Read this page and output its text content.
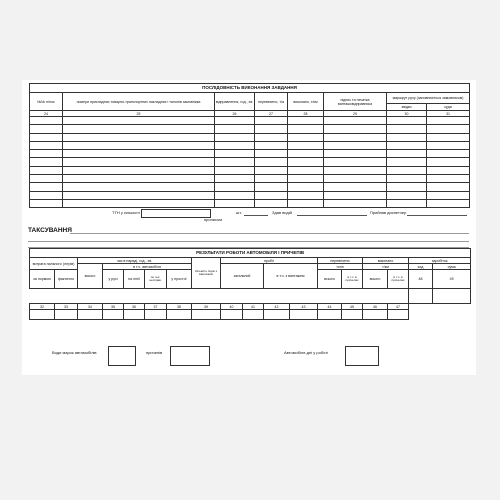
ПОСЛІДОВНІСТЬ ВИКОНАННЯ ЗАВДАННЯ							
№№ п/пок	номери прикладних товарно-транспортних накладних і талонів замовника	відправлення, год., хв.	перевезено, т/а	виконано, т/км	підпис та печатка вантажовідправника	маршрут руху (заповнюється замовником)	
						звідки	куди
24	25	26	27	28	29	30	31

ТТН у кількості
прописом
шт.	Здав водій	Прийняв диспетчер
ТАКСУВАННЯ
РЕЗУЛЬТАТИ РОБОТИ АВТОМОБІЛЯ І ПРИЧЕПІВ																	
витрата пального (літрів)		час в наряді, год., хв.					Кількість їздок з вантажем	пробіг				перевезено		виконано		заробіток	
		всього	в т.ч. автомобіля					загальний		в т.ч. з вантажем		тонн		т/км		код	сума
за нормою	фактично		у русі	на лінії	по тех. несправ.	у простої						всього	в т.ч. в причепах	всього	в т.ч. в причепах	48	49

32	33	34	35	36	37	38	39	40	41	42	43	44	45	46	47		

Води марок автомобілів	причепів	Автомобіле-дні у роботі
